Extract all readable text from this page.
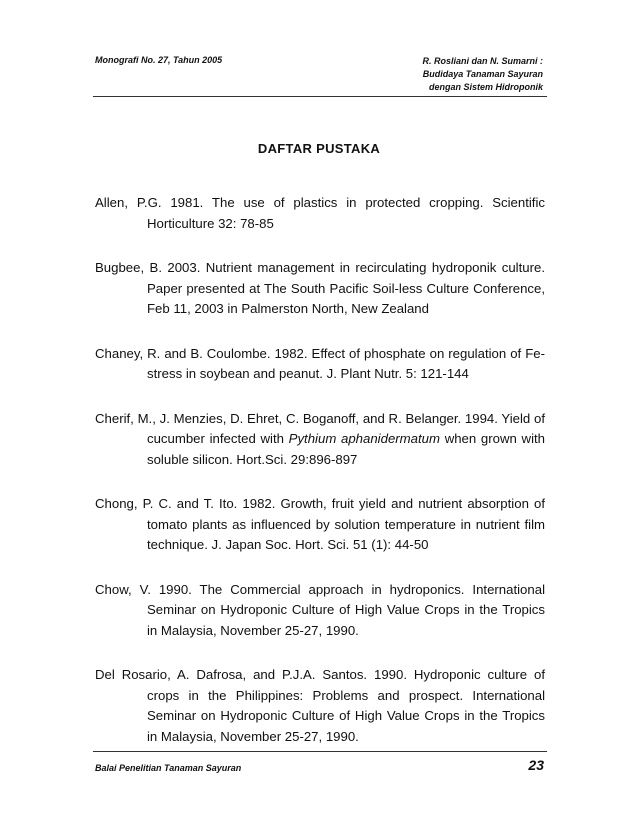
Monografi No. 27, Tahun 2005	R. Rosliani dan N. Sumarni :
Budidaya Tanaman Sayuran
dengan Sistem Hidroponik
DAFTAR PUSTAKA

Allen, P.G. 1981. The use of plastics in protected cropping. Scientific Horticulture 32: 78-85

Bugbee, B. 2003. Nutrient management in recirculating hydroponik culture. Paper presented at The South Pacific Soil-less Culture Conference, Feb 11, 2003 in Palmerston North, New Zealand

Chaney, R. and B. Coulombe. 1982. Effect of phosphate on regulation of Fe-stress in soybean and peanut. J. Plant Nutr. 5: 121-144

Cherif, M., J. Menzies, D. Ehret, C. Boganoff, and R. Belanger. 1994. Yield of cucumber infected with Pythium aphanidermatum when grown with soluble silicon. Hort.Sci. 29:896-897

Chong, P. C. and T. Ito. 1982. Growth, fruit yield and nutrient absorption of tomato plants as influenced by solution temperature in nutrient film technique. J. Japan Soc. Hort. Sci. 51 (1): 44-50

Chow, V. 1990. The Commercial approach in hydroponics. International Seminar on Hydroponic Culture of High Value Crops in the Tropics in Malaysia, November 25-27, 1990.

Del Rosario, A. Dafrosa, and P.J.A. Santos. 1990. Hydroponic culture of crops in the Philippines: Problems and prospect. International Seminar on Hydroponic Culture of High Value Crops in the Tropics in Malaysia, November 25-27, 1990.

Balai Penelitian Tanaman Sayuran	23
